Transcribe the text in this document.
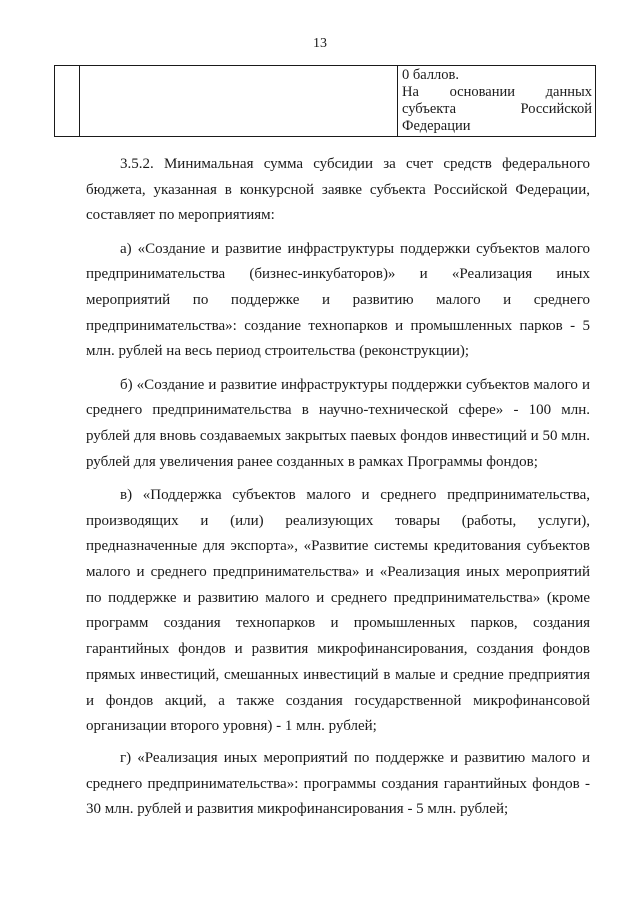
13

0 баллов.
На основании данных
субъекта Российской
Федерации

3.5.2. Минимальная сумма субсидии за счет средств федерального бюджета, указанная в конкурсной заявке субъекта Российской Федерации, составляет по мероприятиям:

а) «Создание и развитие инфраструктуры поддержки субъектов малого предпринимательства (бизнес-инкубаторов)» и «Реализация иных мероприятий по поддержке и развитию малого и среднего предпринимательства»: создание технопарков и промышленных парков - 5 млн. рублей на весь период строительства (реконструкции);

б) «Создание и развитие инфраструктуры поддержки субъектов малого и среднего предпринимательства в научно-технической сфере» - 100 млн. рублей для вновь создаваемых закрытых паевых фондов инвестиций и 50 млн. рублей для увеличения ранее созданных в рамках Программы фондов;

в) «Поддержка субъектов малого и среднего предпринимательства, производящих и (или) реализующих товары (работы, услуги), предназначенные для экспорта», «Развитие системы кредитования субъектов малого и среднего предпринимательства» и «Реализация иных мероприятий по поддержке и развитию малого и среднего предпринимательства» (кроме программ создания технопарков и промышленных парков, создания гарантийных фондов и развития микрофинансирования, создания фондов прямых инвестиций, смешанных инвестиций в малые и средние предприятия и фондов акций, а также создания государственной микрофинансовой организации второго уровня) - 1 млн. рублей;

г) «Реализация иных мероприятий по поддержке и развитию малого и среднего предпринимательства»: программы создания гарантийных фондов - 30 млн. рублей и развития микрофинансирования - 5 млн. рублей;
